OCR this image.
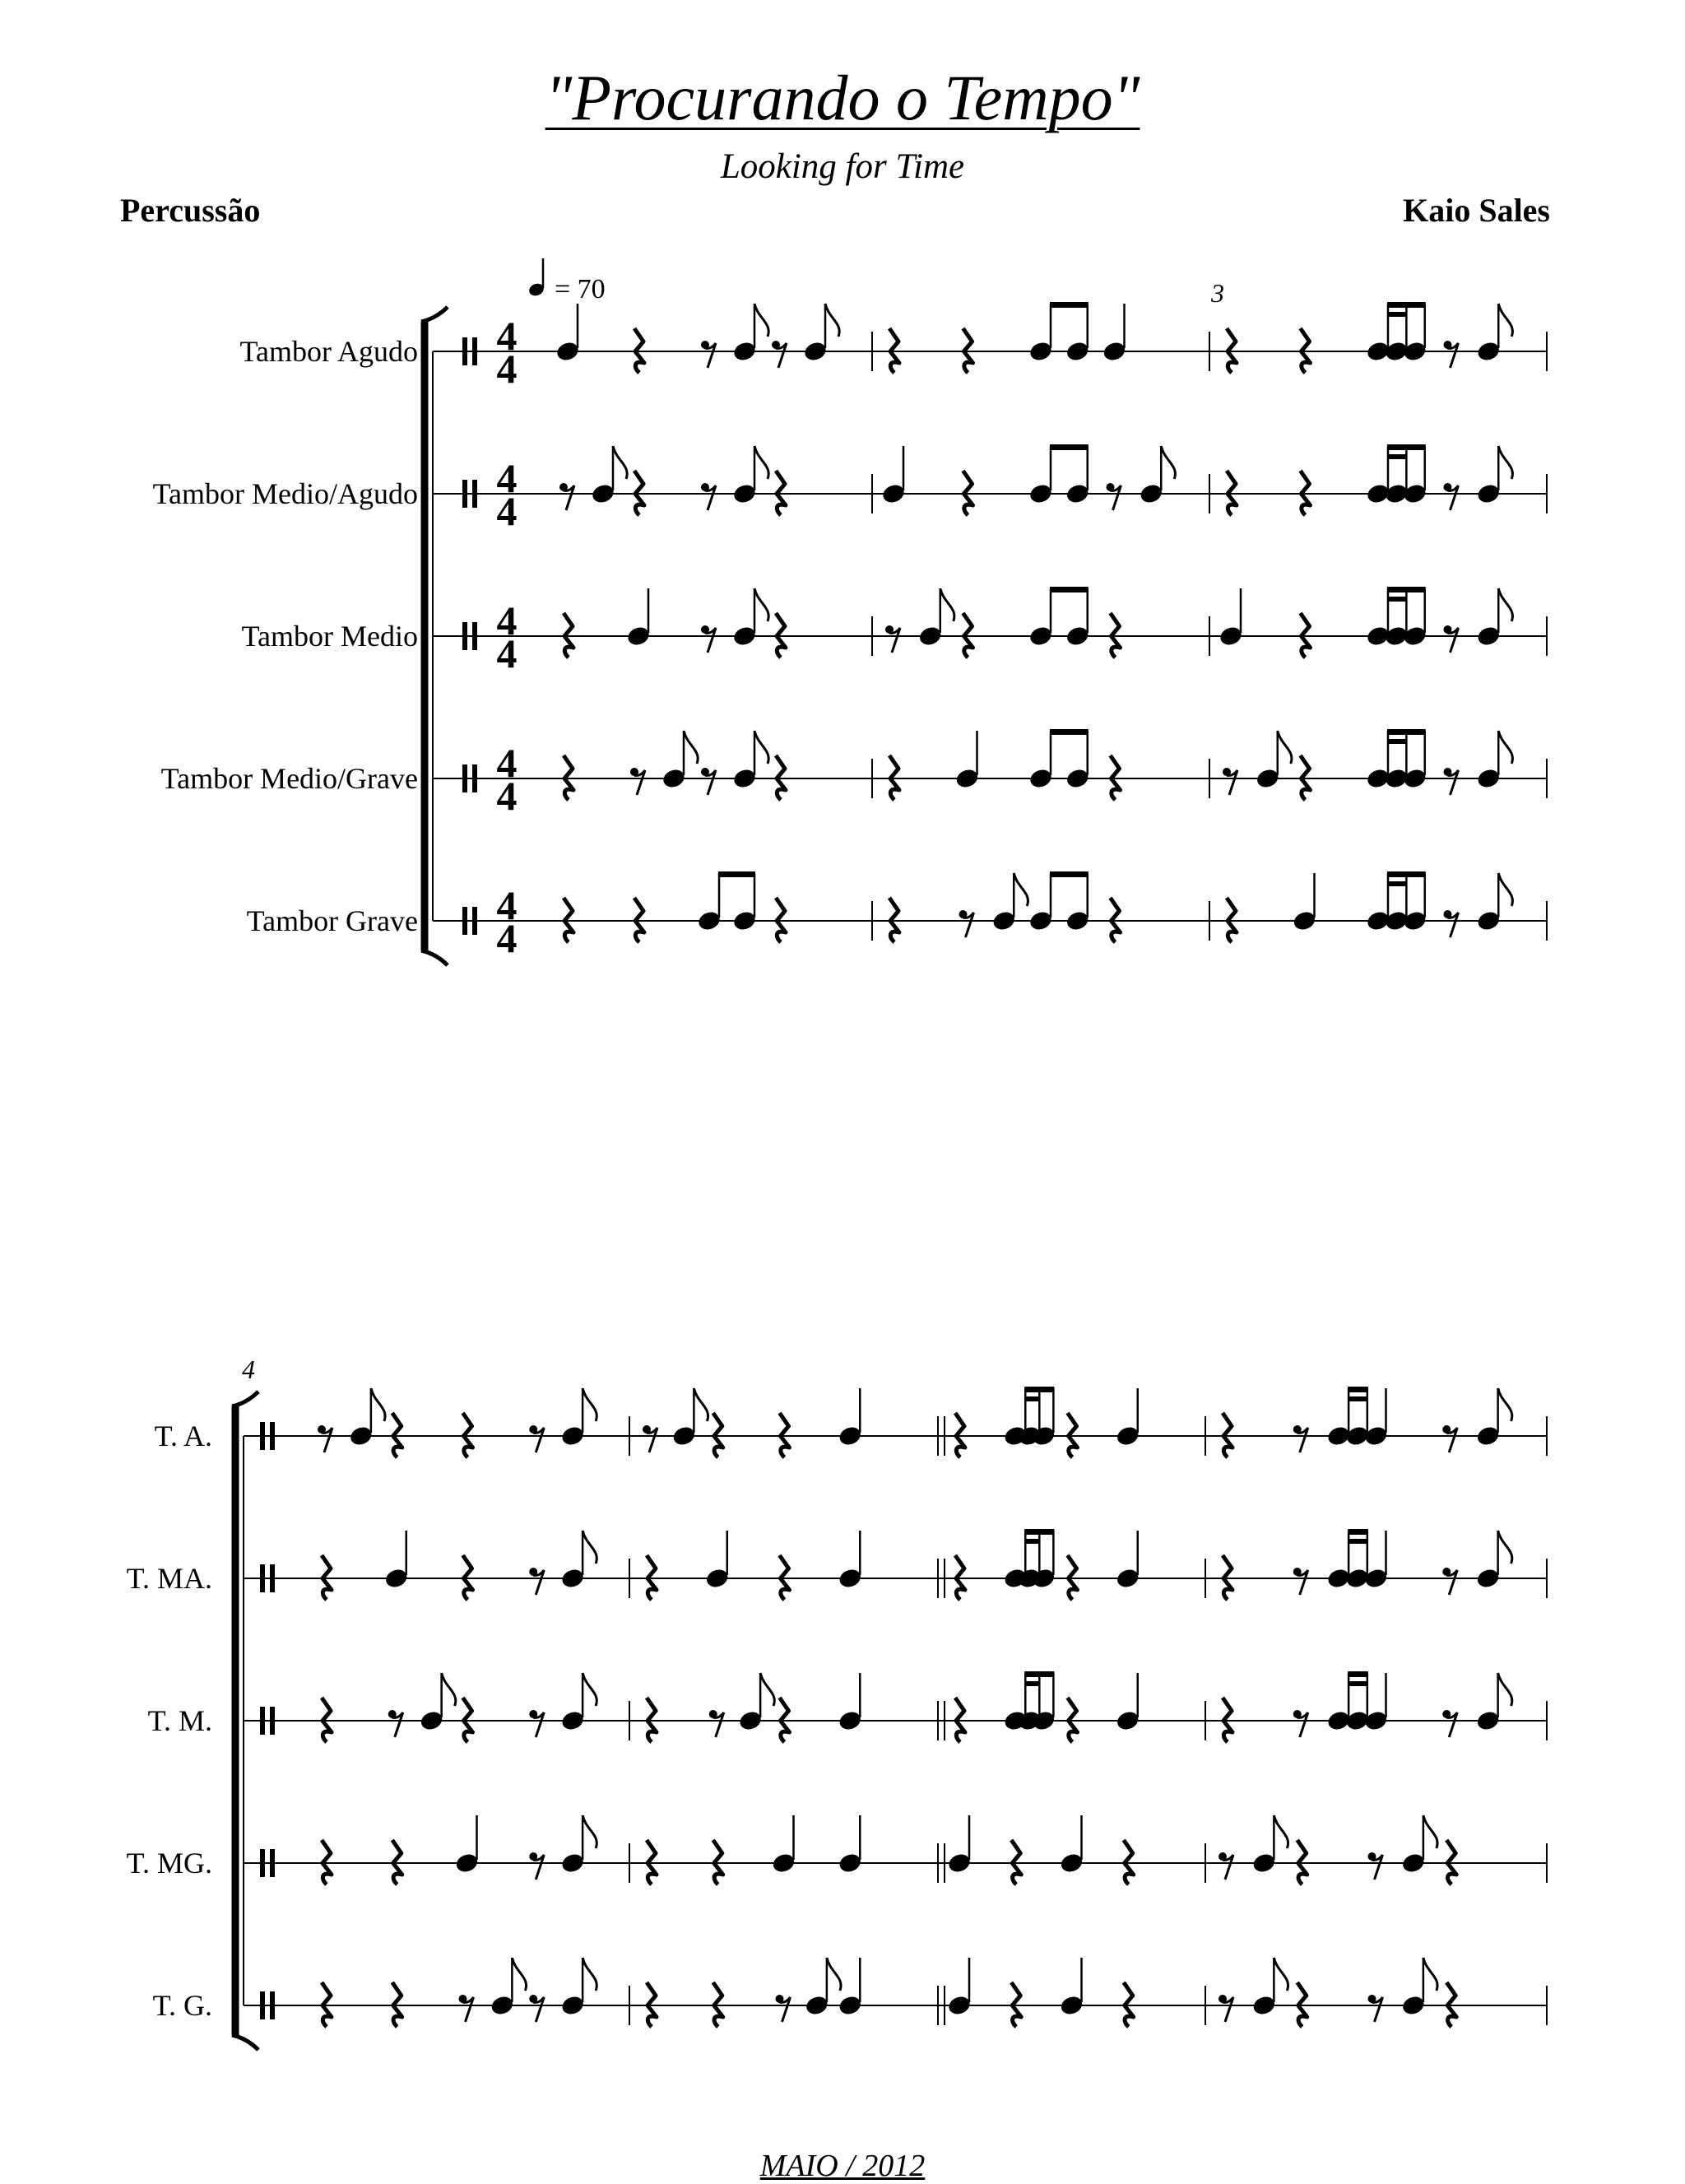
"Procurando o Tempo"
Looking for Time
Percussão	Kaio Sales
= 70	3
Tambor Agudo 4
4
Tambor Medio/Agudo 4
4
Tambor Medio 4
4
Tambor Medio/Grave 4
4
Tambor Grave 4
4
4
T. A.
T. MA.
T. M.
T. MG.
T. G.
MAIO / 2012
